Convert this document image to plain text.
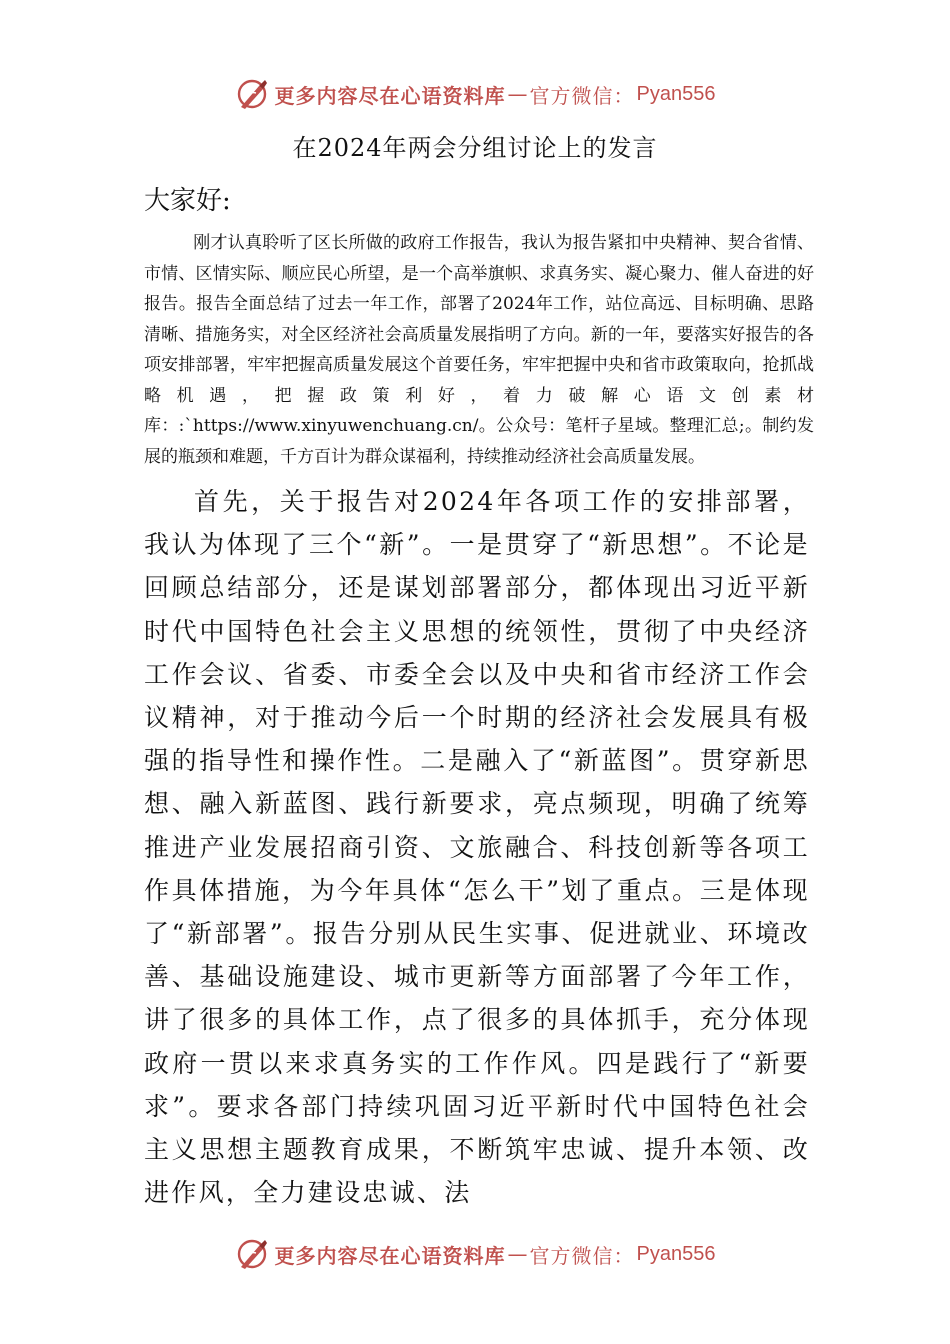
更多内容尽在心语资料库 — 官方微信： Pyan556
在2024年两会分组讨论上的发言

大家好:

刚才认真聆听了区长所做的政府工作报告，我认为报告紧扣中央精神、契合省情、市情、区情实际、顺应民心所望，是一个高举旗帜、求真务实、凝心聚力、催人奋进的好报告。报告全面总结了过去一年工作，部署了2024年工作，站位高远、目标明确、思路清晰、措施务实，对全区经济社会高质量发展指明了方向。新的一年，要落实好报告的各项安排部署，牢牢把握高质量发展这个首要任务，牢牢把握中央和省市政策取向，抢抓战略机遇，把握政策利好，着力破解心语文创素材库：:`https://www.xinyuwenchuang.cn/。公众号：笔杆子星域。整理汇总;。制约发展的瓶颈和难题，千方百计为群众谋福利，持续推动经济社会高质量发展。

首先，关于报告对2024年各项工作的安排部署，我认为体现了三个“新”。一是贯穿了“新思想”。不论是回顾总结部分，还是谋划部署部分，都体现出习近平新时代中国特色社会主义思想的统领性，贯彻了中央经济工作会议、省委、市委全会以及中央和省市经济工作会议精神，对于推动今后一个时期的经济社会发展具有极强的指导性和操作性。二是融入了“新蓝图”。贯穿新思想、融入新蓝图、践行新要求，亮点频现，明确了统筹推进产业发展招商引资、文旅融合、科技创新等各项工作具体措施，为今年具体“怎么干”划了重点。三是体现了“新部署”。报告分别从民生实事、促进就业、环境改善、基础设施建设、城市更新等方面部署了今年工作，讲了很多的具体工作，点了很多的具体抓手，充分体现政府一贯以来求真务实的工作作风。四是践行了“新要求”。要求各部门持续巩固习近平新时代中国特色社会主义思想主题教育成果，不断筑牢忠诚、提升本领、改进作风，全力建设忠诚、法

更多内容尽在心语资料库 — 官方微信： Pyan556
